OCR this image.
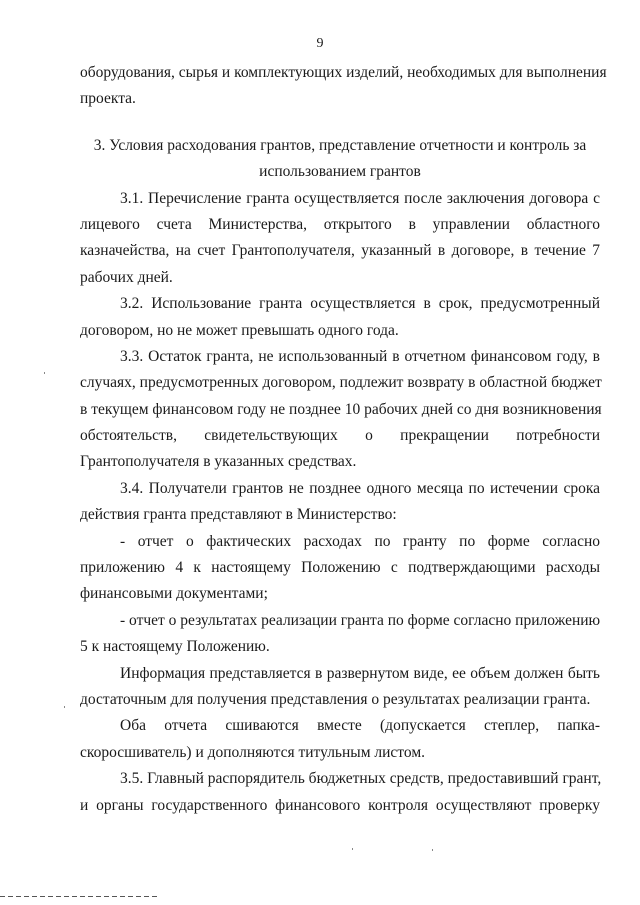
9
оборудования, сырья и комплектующих изделий, необходимых для выполнения
проекта.
3. Условия расходования грантов, представление отчетности и контроль за
использованием грантов
3.1. Перечисление гранта осуществляется после заключения договора с
лицевого счета Министерства, открытого в управлении областного
казначейства, на счет Грантополучателя, указанный в договоре, в течение 7
рабочих дней.
3.2. Использование гранта осуществляется в срок, предусмотренный
договором, но не может превышать одного года.
3.3. Остаток гранта, не использованный в отчетном финансовом году, в
случаях, предусмотренных договором, подлежит возврату в областной бюджет
в текущем финансовом году не позднее 10 рабочих дней со дня возникновения
обстоятельств, свидетельствующих о прекращении потребности
Грантополучателя в указанных средствах.
3.4. Получатели грантов не позднее одного месяца по истечении срока
действия гранта представляют в Министерство:
- отчет о фактических расходах по гранту по форме согласно
приложению 4 к настоящему Положению с подтверждающими расходы
финансовыми документами;
- отчет о результатах реализации гранта по форме согласно приложению
5 к настоящему Положению.
Информация представляется в развернутом виде, ее объем должен быть
достаточным для получения представления о результатах реализации гранта.
Оба отчета сшиваются вместе (допускается степлер, папка-
скоросшиватель) и дополняются титульным листом.
3.5. Главный распорядитель бюджетных средств, предоставивший грант,
и органы государственного финансового контроля осуществляют проверку
